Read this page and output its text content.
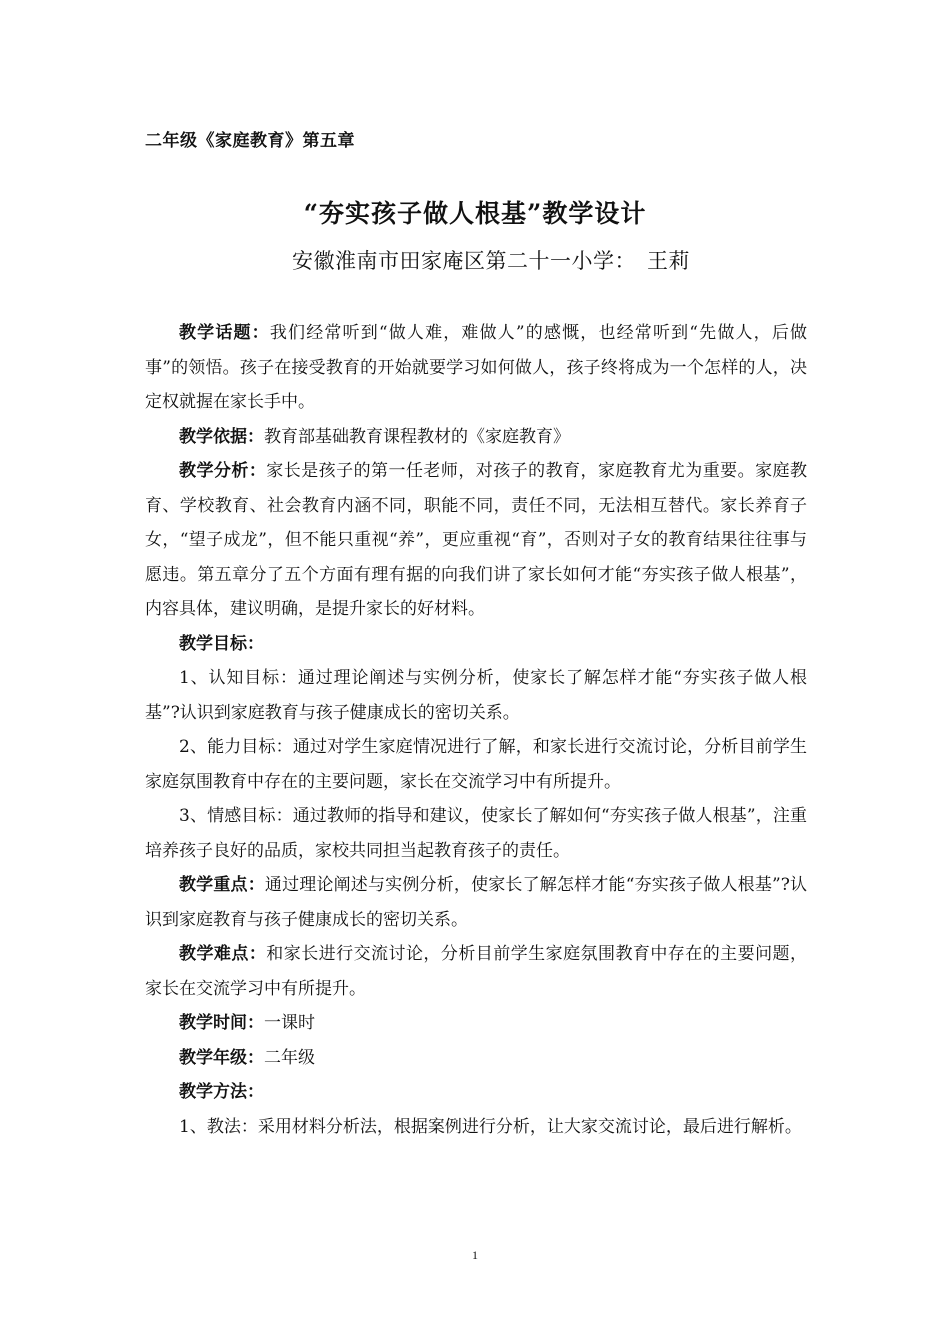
二年级《家庭教育》第五章
“夯实孩子做人根基”教学设计
安徽淮南市田家庵区第二十一小学：　王莉

教学话题：我们经常听到“做人难，难做人”的感慨，也经常听到“先做人，后做事”的领悟。孩子在接受教育的开始就要学习如何做人，孩子终将成为一个怎样的人，决定权就握在家长手中。

教学依据：教育部基础教育课程教材的《家庭教育》

教学分析：家长是孩子的第一任老师，对孩子的教育，家庭教育尤为重要。家庭教育、学校教育、社会教育内涵不同，职能不同，责任不同，无法相互替代。家长养育子女，“望子成龙”，但不能只重视“养”，更应重视“育”，否则对子女的教育结果往往事与愿违。第五章分了五个方面有理有据的向我们讲了家长如何才能“夯实孩子做人根基”，内容具体，建议明确，是提升家长的好材料。

教学目标：

1、认知目标：通过理论阐述与实例分析，使家长了解怎样才能“夯实孩子做人根基”?认识到家庭教育与孩子健康成长的密切关系。

2、能力目标：通过对学生家庭情况进行了解，和家长进行交流讨论，分析目前学生家庭氛围教育中存在的主要问题，家长在交流学习中有所提升。

3、情感目标：通过教师的指导和建议，使家长了解如何“夯实孩子做人根基”，注重培养孩子良好的品质，家校共同担当起教育孩子的责任。

教学重点：通过理论阐述与实例分析，使家长了解怎样才能“夯实孩子做人根基”?认识到家庭教育与孩子健康成长的密切关系。

教学难点：和家长进行交流讨论，分析目前学生家庭氛围教育中存在的主要问题，家长在交流学习中有所提升。

教学时间：一课时

教学年级：二年级

教学方法：

1、教法：采用材料分析法，根据案例进行分析，让大家交流讨论，最后进行解析。

1
